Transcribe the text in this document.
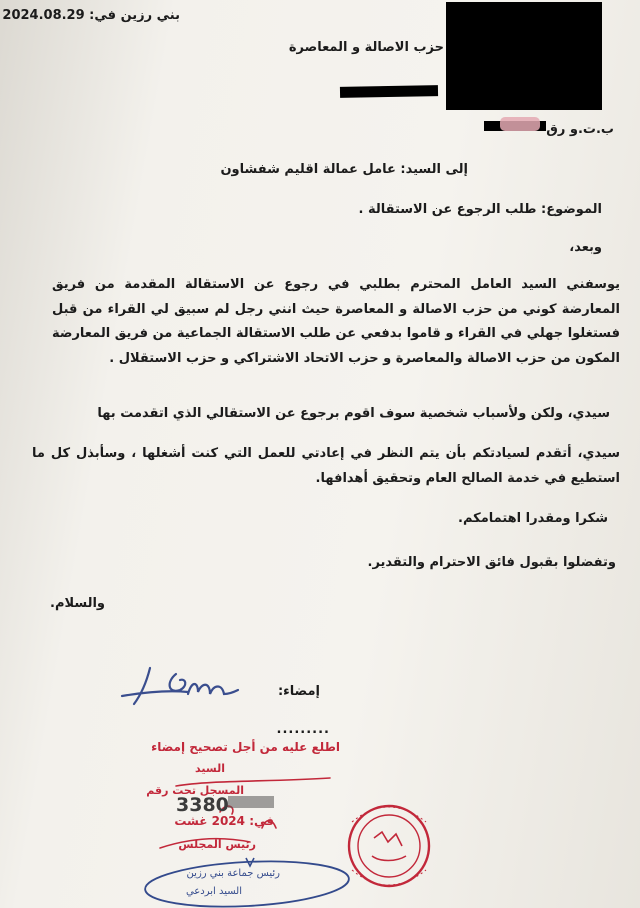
بني رزين في: 2024.08.29
حزب الاصالة و المعاصرة
ب.ت.و رق
إلى السيد: عامل عمالة اقليم شفشاون
الموضوع: طلب الرجوع عن الاستقالة .
وبعد،
يوسفني السيد العامل المحترم بطلبي في رجوع عن الاستقالة المقدمة من فريق المعارضة كوني من حزب الاصالة و المعاصرة حيث انني رجل لم سبيق لي القراء من قبل فستغلوا جهلي في القراء و قاموا بدفعي عن طلب الاستقالة الجماعية من فريق المعارضة المكون من حزب الاصالة والمعاصرة و حزب الاتحاد الاشتراكي و حزب الاستقلال .
سيدي، ولكن ولأسباب شخصية سوف اقوم برجوع عن الاستقالي الذي اتقدمت بها
سيدي، أتقدم لسيادتكم بأن يتم النظر في إعادتي للعمل التي كنت أشغلها ، وسأبذل كل ما استطيع في خدمة الصالح العام وتحقيق أهدافها.
شكرا ومقدرا اهتمامكم.
وتفضلوا بقبول فائق الاحترام والتقدير.
والسلام.
إمضاء:
.........
اطلع عليه من أجل تصحيح إمضاء
السيد
المسجل تحت رقم
3380
في: 2024 غشت
رئيس المجلس
رئيس جماعة بني رزين
السيد ابردعي
